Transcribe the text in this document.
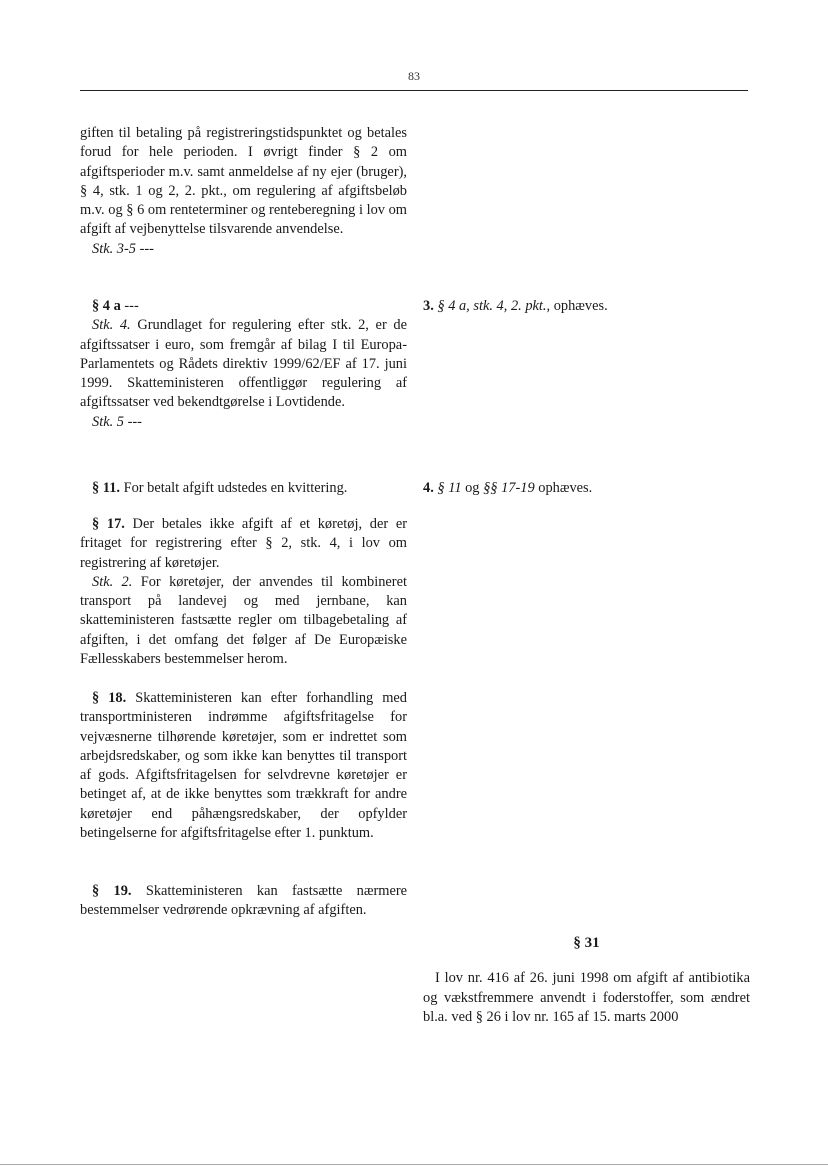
83

giften til betaling på registreringstidspunktet og betales forud for hele perioden. I øvrigt finder § 2 om afgiftsperioder m.v. samt anmeldelse af ny ejer (bruger), § 4, stk. 1 og 2, 2. pkt., om regulering af afgiftsbeløb m.v. og § 6 om renteterminer og renteberegning i lov om afgift af vejbenyttelse tilsvarende anvendelse.

Stk. 3-5 ---

§ 4 a ---

Stk. 4. Grundlaget for regulering efter stk. 2, er de afgiftssatser i euro, som fremgår af bilag I til Europa-Parlamentets og Rådets direktiv 1999/62/EF af 17. juni 1999. Skatteministeren offentliggør regulering af afgiftssatser ved bekendtgørelse i Lovtidende.

Stk. 5 ---

§ 11. For betalt afgift udstedes en kvittering.

§ 17. Der betales ikke afgift af et køretøj, der er fritaget for registrering efter § 2, stk. 4, i lov om registrering af køretøjer.

Stk. 2. For køretøjer, der anvendes til kombineret transport på landevej og med jernbane, kan skatteministeren fastsætte regler om tilbagebetaling af afgiften, i det omfang det følger af De Europæiske Fællesskabers bestemmelser herom.

§ 18. Skatteministeren kan efter forhandling med transportministeren indrømme afgiftsfritagelse for vejvæsnerne tilhørende køretøjer, som er indrettet som arbejdsredskaber, og som ikke kan benyttes til transport af gods. Afgiftsfritagelsen for selvdrevne køretøjer er betinget af, at de ikke benyttes som trækkraft for andre køretøjer end påhængsredskaber, der opfylder betingelserne for afgiftsfritagelse efter 1. punktum.

§ 19. Skatteministeren kan fastsætte nærmere bestemmelser vedrørende opkrævning af afgiften.

3. § 4 a, stk. 4, 2. pkt., ophæves.

4. § 11 og §§ 17-19 ophæves.

§ 31

I lov nr. 416 af 26. juni 1998 om afgift af antibiotika og vækstfremmere anvendt i foderstoffer, som ændret bl.a. ved § 26 i lov nr. 165 af 15. marts 2000
